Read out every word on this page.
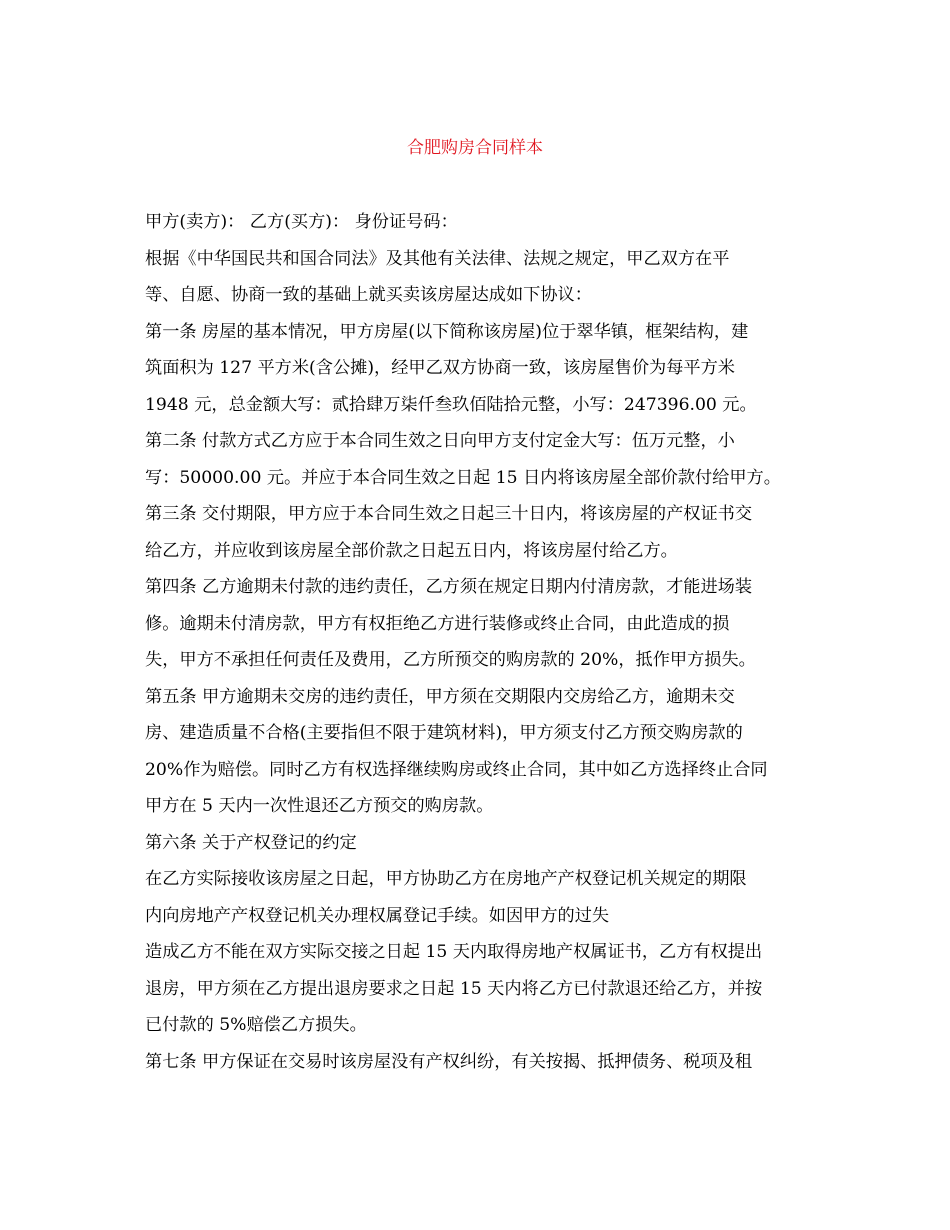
合肥购房合同样本
甲方(卖方)： 乙方(买方)： 身份证号码：
根据《中华国民共和国合同法》及其他有关法律、法规之规定，甲乙双方在平
等、自愿、协商一致的基础上就买卖该房屋达成如下协议：
第一条 房屋的基本情况，甲方房屋(以下简称该房屋)位于翠华镇，框架结构，建
筑面积为 127 平方米(含公摊)，经甲乙双方协商一致，该房屋售价为每平方米
1948 元，总金额大写：贰拾肆万柒仟叁玖佰陆拾元整，小写：247396.00 元。
第二条 付款方式乙方应于本合同生效之日向甲方支付定金大写：伍万元整，小
写：50000.00 元。并应于本合同生效之日起 15 日内将该房屋全部价款付给甲方。
第三条 交付期限，甲方应于本合同生效之日起三十日内，将该房屋的产权证书交
给乙方，并应收到该房屋全部价款之日起五日内，将该房屋付给乙方。
第四条 乙方逾期未付款的违约责任，乙方须在规定日期内付清房款，才能进场装
修。逾期未付清房款，甲方有权拒绝乙方进行装修或终止合同，由此造成的损
失，甲方不承担任何责任及费用，乙方所预交的购房款的 20%，抵作甲方损失。
第五条 甲方逾期未交房的违约责任，甲方须在交期限内交房给乙方，逾期未交
房、建造质量不合格(主要指但不限于建筑材料)，甲方须支付乙方预交购房款的
20%作为赔偿。同时乙方有权选择继续购房或终止合同，其中如乙方选择终止合同
甲方在 5 天内一次性退还乙方预交的购房款。
第六条 关于产权登记的约定
在乙方实际接收该房屋之日起，甲方协助乙方在房地产产权登记机关规定的期限
内向房地产产权登记机关办理权属登记手续。如因甲方的过失
造成乙方不能在双方实际交接之日起 15 天内取得房地产权属证书，乙方有权提出
退房，甲方须在乙方提出退房要求之日起 15 天内将乙方已付款退还给乙方，并按
已付款的 5%赔偿乙方损失。
第七条 甲方保证在交易时该房屋没有产权纠纷，有关按揭、抵押债务、税项及租
